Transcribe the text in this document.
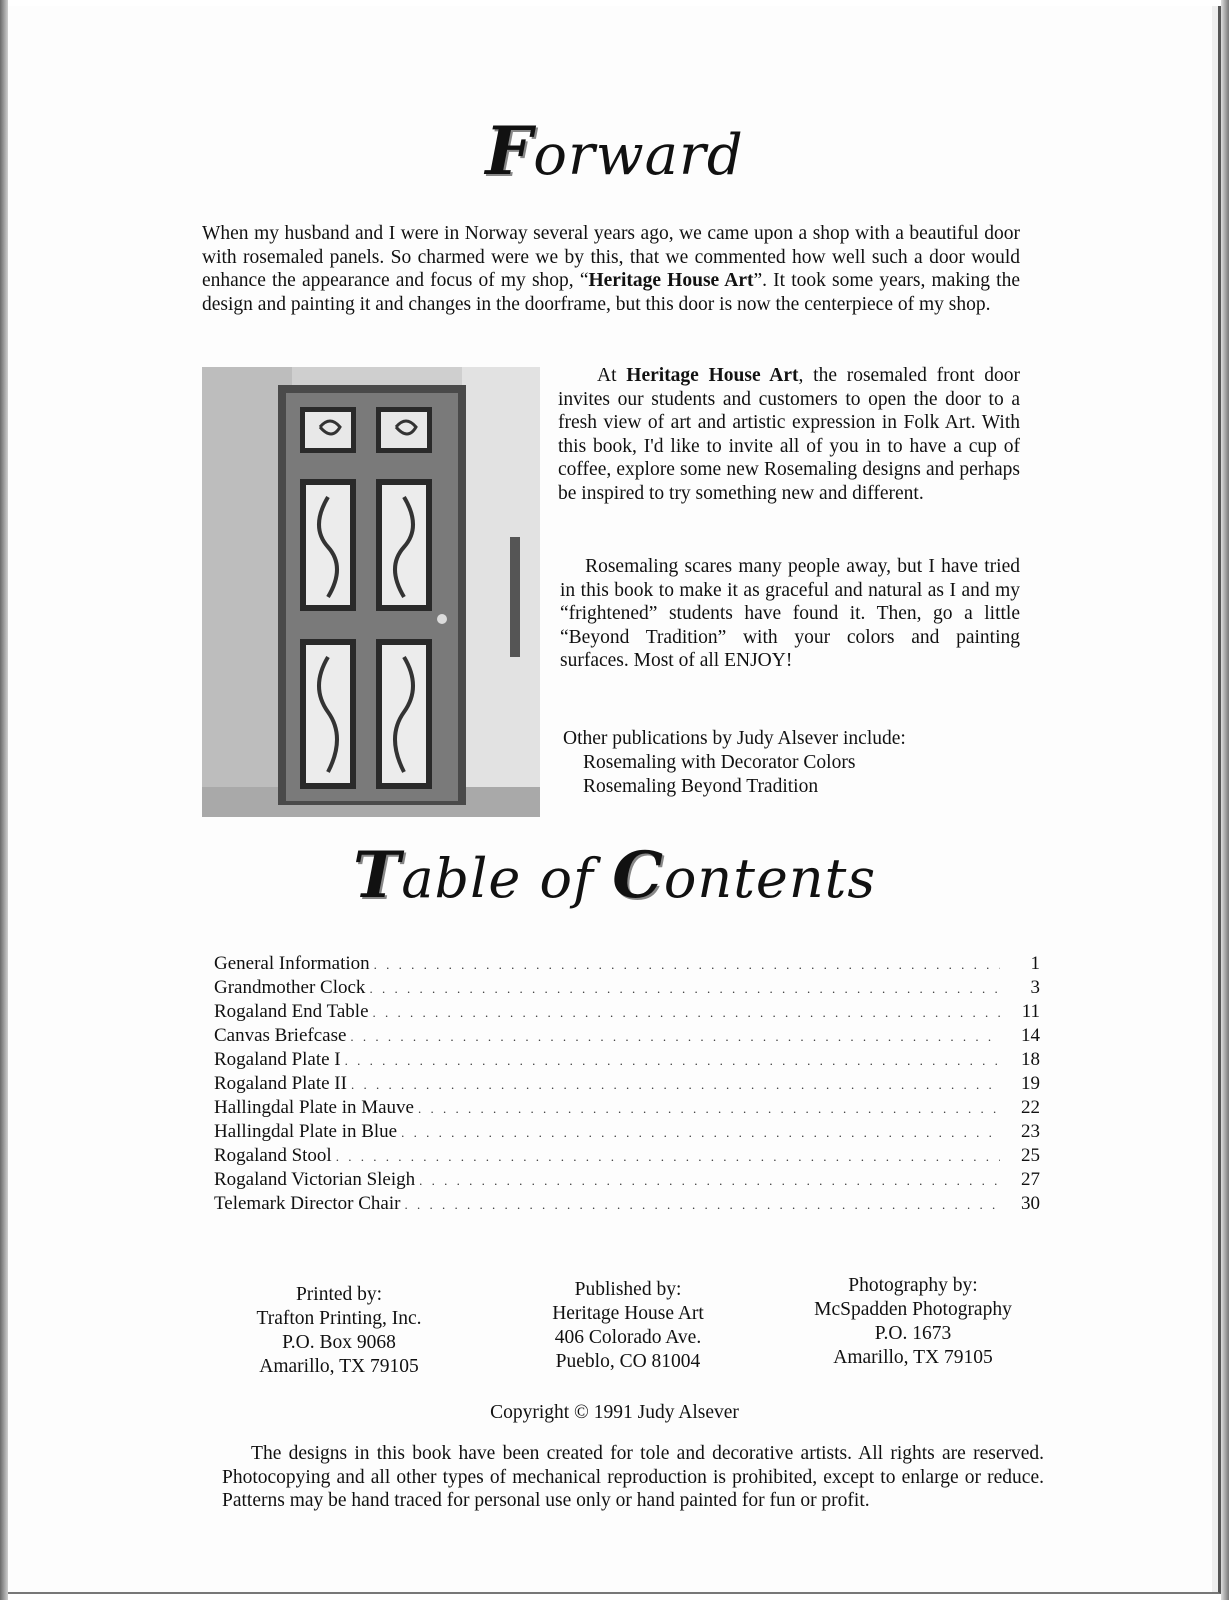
Forward

When my husband and I were in Norway several years ago, we came upon a shop with a beautiful door with rosemaled panels. So charmed were we by this, that we commented how well such a door would enhance the appearance and focus of my shop, “Heritage House Art”. It took some years, making the design and painting it and changes in the doorframe, but this door is now the centerpiece of my shop.

At Heritage House Art, the rosemaled front door invites our students and customers to open the door to a fresh view of art and artistic expression in Folk Art. With this book, I'd like to invite all of you in to have a cup of coffee, explore some new Rosemaling designs and perhaps be inspired to try something new and different.

Rosemaling scares many people away, but I have tried in this book to make it as graceful and natural as I and my “frightened” students have found it. Then, go a little “Beyond Tradition” with your colors and painting surfaces. Most of all ENJOY!

Other publications by Judy Alsever include:
Rosemaling with Decorator Colors
Rosemaling Beyond Tradition
Table of Contents
General Information . . .	1
Grandmother Clock . . .	3
Rogaland End Table . . .	11
Canvas Briefcase . . .	14
Rogaland Plate I . . .	18
Rogaland Plate II . . .	19
Hallingdal Plate in Mauve . . .	22
Hallingdal Plate in Blue . . .	23
Rogaland Stool . . .	25
Rogaland Victorian Sleigh . . .	27
Telemark Director Chair . . .	30
Printed by:
Trafton Printing, Inc.
P.O. Box 9068
Amarillo, TX 79105
Published by:
Heritage House Art
406 Colorado Ave.
Pueblo, CO 81004
Photography by:
McSpadden Photography
P.O. 1673
Amarillo, TX 79105
Copyright © 1991 Judy Alsever

The designs in this book have been created for tole and decorative artists. All rights are reserved. Photocopying and all other types of mechanical reproduction is prohibited, except to enlarge or reduce. Patterns may be hand traced for personal use only or hand painted for fun or profit.
